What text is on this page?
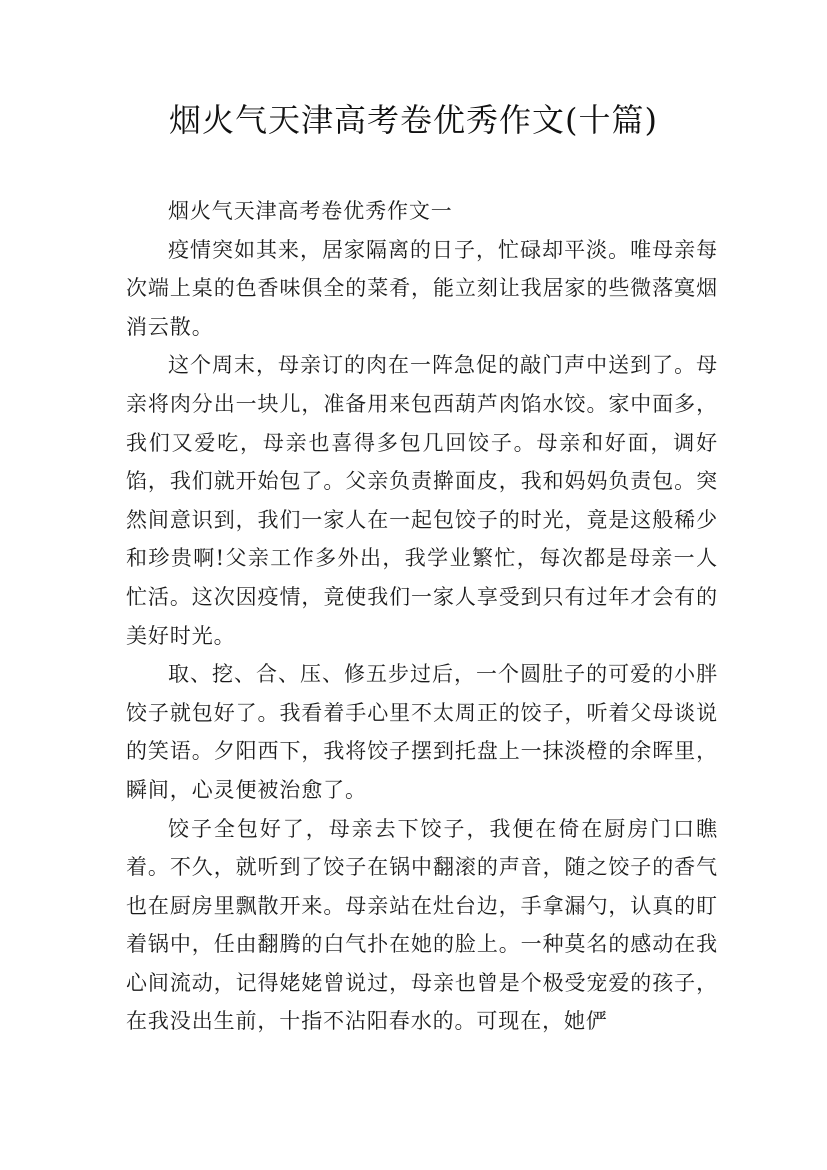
烟火气天津高考卷优秀作文(十篇)

烟火气天津高考卷优秀作文一

疫情突如其来，居家隔离的日子，忙碌却平淡。唯母亲每次端上桌的色香味俱全的菜肴，能立刻让我居家的些微落寞烟消云散。

这个周末，母亲订的肉在一阵急促的敲门声中送到了。母亲将肉分出一块儿，准备用来包西葫芦肉馅水饺。家中面多，我们又爱吃，母亲也喜得多包几回饺子。母亲和好面，调好馅，我们就开始包了。父亲负责擀面皮，我和妈妈负责包。突然间意识到，我们一家人在一起包饺子的时光，竟是这般稀少和珍贵啊!父亲工作多外出，我学业繁忙，每次都是母亲一人忙活。这次因疫情，竟使我们一家人享受到只有过年才会有的美好时光。

取、挖、合、压、修五步过后，一个圆肚子的可爱的小胖饺子就包好了。我看着手心里不太周正的饺子，听着父母谈说的笑语。夕阳西下，我将饺子摆到托盘上一抹淡橙的余晖里，瞬间，心灵便被治愈了。

饺子全包好了，母亲去下饺子，我便在倚在厨房门口瞧着。不久，就听到了饺子在锅中翻滚的声音，随之饺子的香气也在厨房里飘散开来。母亲站在灶台边，手拿漏勺，认真的盯着锅中，任由翻腾的白气扑在她的脸上。一种莫名的感动在我心间流动，记得姥姥曾说过，母亲也曾是个极受宠爱的孩子，在我没出生前，十指不沾阳春水的。可现在，她俨
